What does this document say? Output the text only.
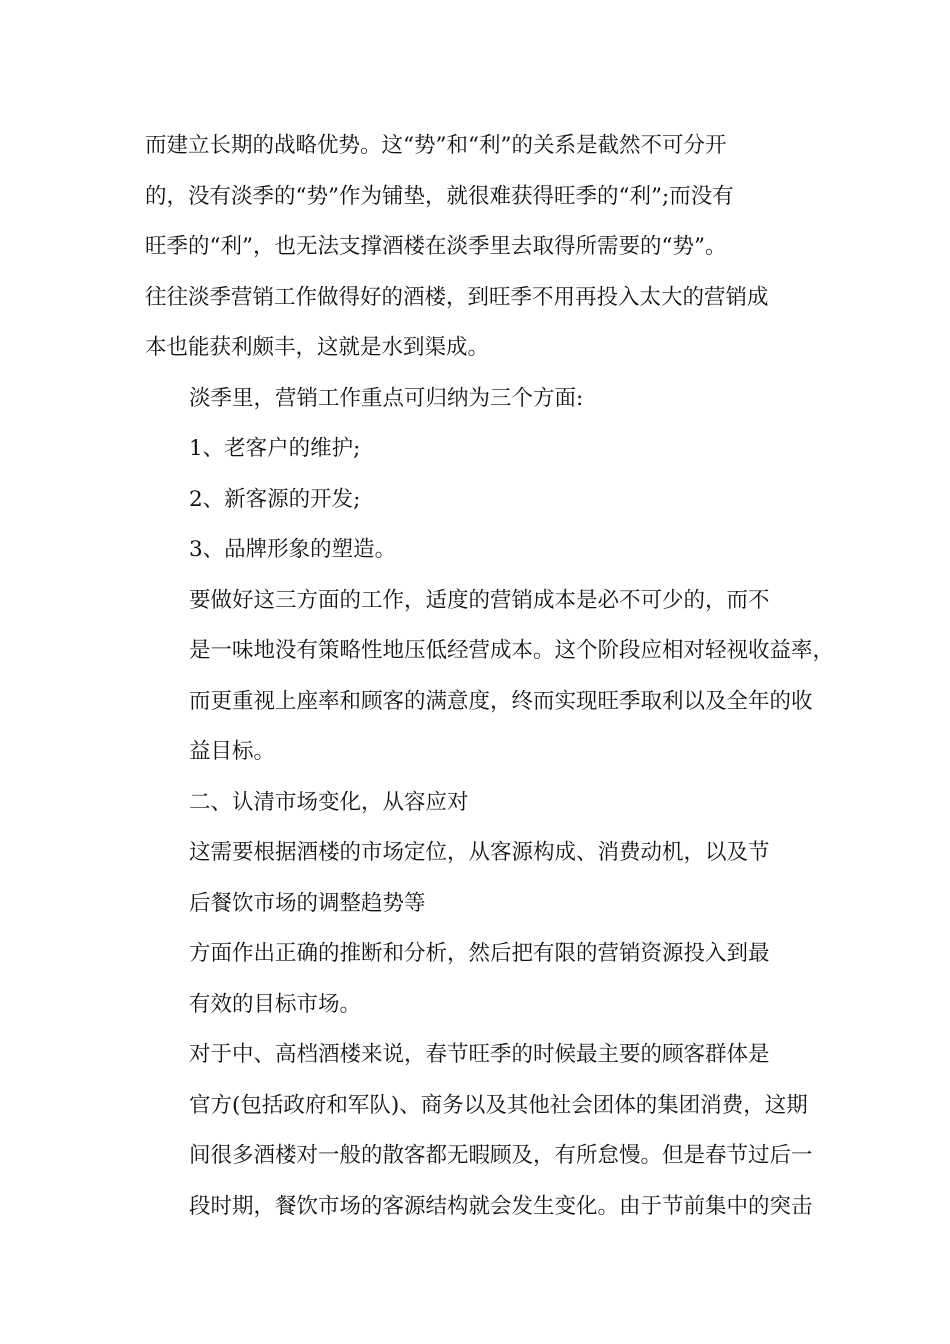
而建立长期的战略优势。这“势”和“利”的关系是截然不可分开
的，没有淡季的“势”作为铺垫，就很难获得旺季的“利”;而没有
旺季的“利”，也无法支撑酒楼在淡季里去取得所需要的“势”。
往往淡季营销工作做得好的酒楼，到旺季不用再投入太大的营销成
本也能获利颇丰，这就是水到渠成。

淡季里，营销工作重点可归纳为三个方面:

1、老客户的维护;

2、新客源的开发;

3、品牌形象的塑造。

要做好这三方面的工作，适度的营销成本是必不可少的，而不
是一味地没有策略性地压低经营成本。这个阶段应相对轻视收益率，
而更重视上座率和顾客的满意度，终而实现旺季取利以及全年的收
益目标。

二、认清市场变化，从容应对

这需要根据酒楼的市场定位，从客源构成、消费动机，以及节
后餐饮市场的调整趋势等

方面作出正确的推断和分析，然后把有限的营销资源投入到最
有效的目标市场。

对于中、高档酒楼来说，春节旺季的时候最主要的顾客群体是
官方(包括政府和军队)、商务以及其他社会团体的集团消费，这期
间很多酒楼对一般的散客都无暇顾及，有所怠慢。但是春节过后一
段时期，餐饮市场的客源结构就会发生变化。由于节前集中的突击
